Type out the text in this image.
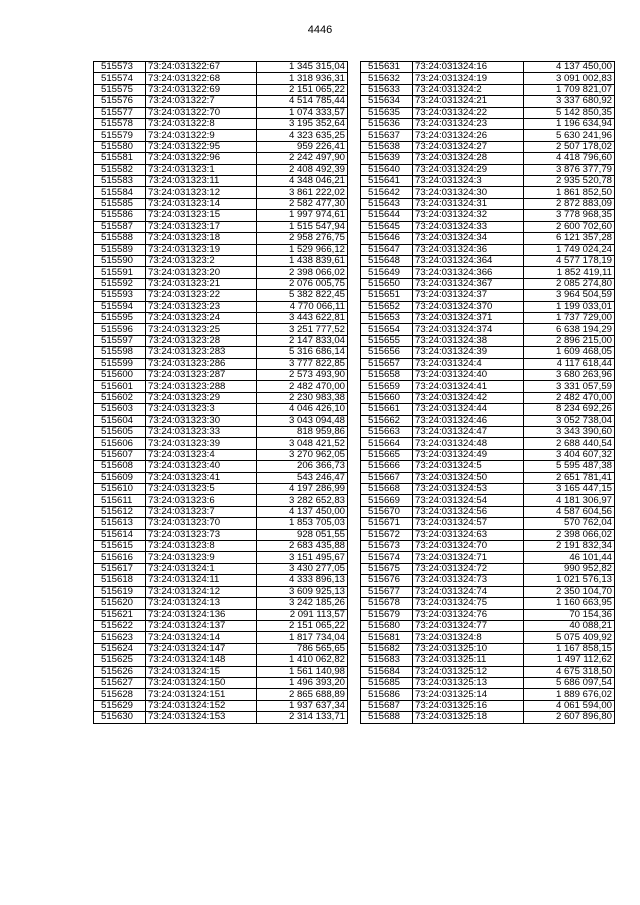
4446
515573	73:24:031322:67	1 345 315,04
515574	73:24:031322:68	1 318 936,31
515575	73:24:031322:69	2 151 065,22
515576	73:24:031322:7	4 514 785,44
515577	73:24:031322:70	1 074 333,57
515578	73:24:031322:8	3 195 352,64
515579	73:24:031322:9	4 323 635,25
515580	73:24:031322:95	959 226,41
515581	73:24:031322:96	2 242 497,90
515582	73:24:031323:1	2 408 492,39
515583	73:24:031323:11	4 348 046,21
515584	73:24:031323:12	3 861 222,02
515585	73:24:031323:14	2 582 477,30
515586	73:24:031323:15	1 997 974,61
515587	73:24:031323:17	1 515 547,94
515588	73:24:031323:18	2 958 276,75
515589	73:24:031323:19	1 529 966,12
515590	73:24:031323:2	1 438 839,61
515591	73:24:031323:20	2 398 066,02
515592	73:24:031323:21	2 076 005,75
515593	73:24:031323:22	5 382 822,45
515594	73:24:031323:23	4 770 066,11
515595	73:24:031323:24	3 443 622,81
515596	73:24:031323:25	3 251 777,52
515597	73:24:031323:28	2 147 833,04
515598	73:24:031323:283	5 316 686,14
515599	73:24:031323:286	3 777 822,85
515600	73:24:031323:287	2 573 493,90
515601	73:24:031323:288	2 482 470,00
515602	73:24:031323:29	2 230 983,38
515603	73:24:031323:3	4 046 426,10
515604	73:24:031323:30	3 043 094,48
515605	73:24:031323:33	818 959,86
515606	73:24:031323:39	3 048 421,52
515607	73:24:031323:4	3 270 962,05
515608	73:24:031323:40	206 366,73
515609	73:24:031323:41	543 246,47
515610	73:24:031323:5	4 197 286,99
515611	73:24:031323:6	3 282 652,83
515612	73:24:031323:7	4 137 450,00
515613	73:24:031323:70	1 853 705,03
515614	73:24:031323:73	928 051,55
515615	73:24:031323:8	2 683 435,88
515616	73:24:031323:9	3 151 495,67
515617	73:24:031324:1	3 430 277,05
515618	73:24:031324:11	4 333 896,13
515619	73:24:031324:12	3 609 925,13
515620	73:24:031324:13	3 242 185,26
515621	73:24:031324:136	2 091 113,57
515622	73:24:031324:137	2 151 065,22
515623	73:24:031324:14	1 817 734,04
515624	73:24:031324:147	786 565,65
515625	73:24:031324:148	1 410 062,82
515626	73:24:031324:15	1 561 140,98
515627	73:24:031324:150	1 496 393,20
515628	73:24:031324:151	2 865 688,89
515629	73:24:031324:152	1 937 637,34
515630	73:24:031324:153	2 314 133,71
515631	73:24:031324:16	4 137 450,00
515632	73:24:031324:19	3 091 002,83
515633	73:24:031324:2	1 709 821,07
515634	73:24:031324:21	3 337 680,92
515635	73:24:031324:22	5 142 850,35
515636	73:24:031324:23	1 196 634,94
515637	73:24:031324:26	5 630 241,96
515638	73:24:031324:27	2 507 178,02
515639	73:24:031324:28	4 418 796,60
515640	73:24:031324:29	3 876 377,79
515641	73:24:031324:3	2 935 520,78
515642	73:24:031324:30	1 861 852,50
515643	73:24:031324:31	2 872 883,09
515644	73:24:031324:32	3 778 968,35
515645	73:24:031324:33	2 600 702,60
515646	73:24:031324:34	6 121 357,28
515647	73:24:031324:36	1 749 024,24
515648	73:24:031324:364	4 577 178,19
515649	73:24:031324:366	1 852 419,11
515650	73:24:031324:367	2 085 274,80
515651	73:24:031324:37	3 964 504,59
515652	73:24:031324:370	1 199 033,01
515653	73:24:031324:371	1 737 729,00
515654	73:24:031324:374	6 638 194,29
515655	73:24:031324:38	2 896 215,00
515656	73:24:031324:39	1 609 468,05
515657	73:24:031324:4	4 117 618,44
515658	73:24:031324:40	3 680 263,96
515659	73:24:031324:41	3 331 057,59
515660	73:24:031324:42	2 482 470,00
515661	73:24:031324:44	8 234 692,26
515662	73:24:031324:46	3 052 738,04
515663	73:24:031324:47	3 343 390,60
515664	73:24:031324:48	2 688 440,54
515665	73:24:031324:49	3 404 607,32
515666	73:24:031324:5	5 595 487,38
515667	73:24:031324:50	2 651 781,41
515668	73:24:031324:53	3 165 447,15
515669	73:24:031324:54	4 181 306,97
515670	73:24:031324:56	4 587 604,56
515671	73:24:031324:57	570 762,04
515672	73:24:031324:63	2 398 066,02
515673	73:24:031324:70	2 191 832,34
515674	73:24:031324:71	46 101,44
515675	73:24:031324:72	990 952,82
515676	73:24:031324:73	1 021 576,13
515677	73:24:031324:74	2 350 104,70
515678	73:24:031324:75	1 160 663,95
515679	73:24:031324:76	70 154,36
515680	73:24:031324:77	40 088,21
515681	73:24:031324:8	5 075 409,92
515682	73:24:031325:10	1 167 858,15
515683	73:24:031325:11	1 497 112,62
515684	73:24:031325:12	4 675 318,50
515685	73:24:031325:13	5 686 097,54
515686	73:24:031325:14	1 889 676,02
515687	73:24:031325:16	4 061 594,00
515688	73:24:031325:18	2 607 896,80
